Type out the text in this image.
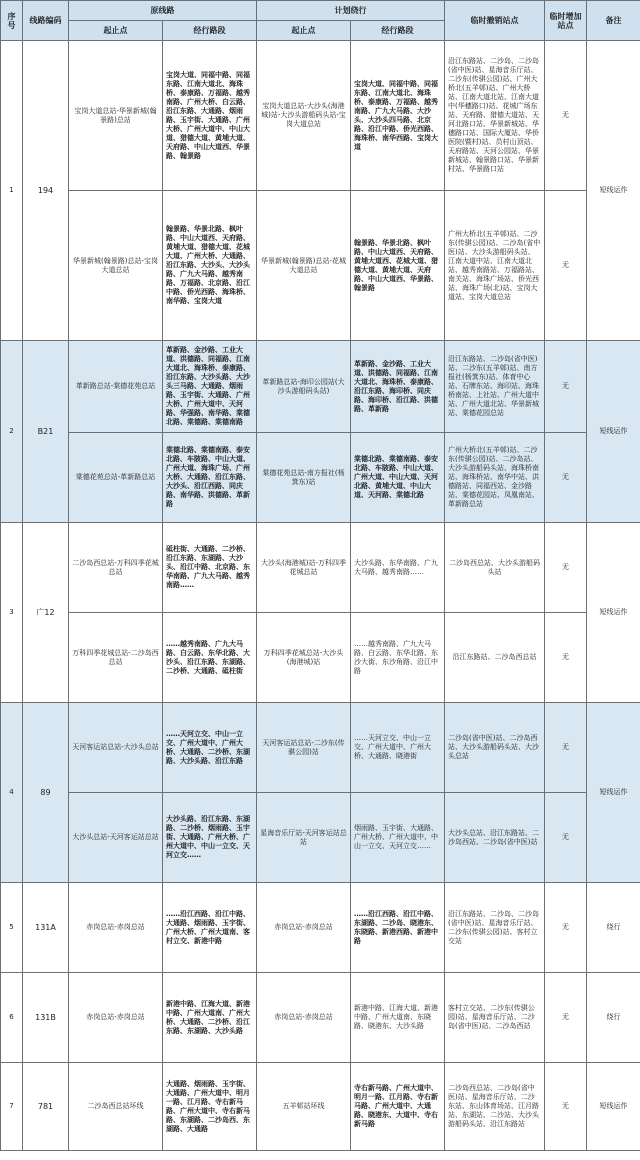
序号	线路编码	原线路		计划绕行		临时撤销站点	临时增加站点	备注
		起止点	经行路段	起止点	经行路段			
1	194	宝岗大道总站-华景新城(翰景路)总站	宝岗大道、同福中路、同福东路、江南大道北、海珠桥、泰康路、万福路、越秀南路、广州大桥、白云路、沿江东路、大通路、烟雨路、玉宇街、大通路、广州大桥、广州大道中、中山大道、猎德大道、黄埔大道、天府路、中山大道西、华景路、翰景路	宝岗大道总站-大沙头(海港城)站-大沙头游船码头站-宝岗大道总站	宝岗大道、同福中路、同福东路、江南大道北、海珠桥、泰康路、万福路、越秀南路、广九大马路、大沙头、大沙头四马路、北京路、沿江中路、侨光西路、海珠桥、南华西路、宝岗大道	沿江东路站、二沙岛、二沙岛(省中医)站、星海音乐厅站、二沙东(传骐公园)站、广州大桥北(五羊邨)站、广州大桥站、江南大道北站、江南大道中(华穗路口)站、花城广场东站、天府路、猎德大道站、天河北路口站、华景新城站、华穗路口站、国际大厦站、华侨医院(暨村)站、员村山顶站、天府路站、天河公园站、华景新城站、翰景路口站、华景新村站、华景路口站	无	短线运作
		华景新城(翰景路)总站-宝岗大道总站	翰景路、华景北路、枫叶路、中山大道西、天府路、黄埔大道、猎德大道、花城大道、广州大桥、大通路、沿江东路、大沙头、大沙头路、广九大马路、越秀南路、万福路、北京路、沿江中路、侨光西路、海珠桥、南华路、宝岗大道	华景新城(翰景路)总站-花城大道总站	翰景路、华景北路、枫叶路、中山大道西、天府路、黄埔大道西、花城大道、猎德大道、黄埔大道、天府路、中山大道西、华景路、翰景路	广州大桥北(五羊邨)站、二沙东(传骐公园)站、二沙岛(省中医)站、大沙头游船码头站、江南大道中站、江南大道北站、越秀南路站、万福路站、南关站、海珠广场站、侨光西站、海珠广场(北)站、宝岗大道站、宝岗大道总站	无	
2	B21	革新路总站-棠德花苑总站	革新路、金沙路、工业大道、洪德路、同福路、江南大道北、海珠桥、泰康路、沿江东路、大沙头路、大沙头三马路、大通路、烟雨路、玉宇街、大通路、广州大桥、广州大道中、天河路、华强路、南华路、棠德北路、棠德路、棠德南路	革新路总站-海印公园站(大沙头游船码头站)	革新路、金沙路、工业大道、洪德路、同福路、江南大道北、海珠桥、泰康路、沿江东路、海印桥、同庆路、海印桥、沿江路、洪德路、革新路	沿江东路站、二沙岛(省中医)站、二沙东(五羊邨)站、南方报社(杨箕东)站、体育中心站、石牌东站、海印站、海珠桥南站、上社站、广州大道中站、广州大道北站、华景新城站、棠德花园总站	无	短线运作
		棠德花苑总站-革新路总站	棠德北路、棠德南路、泰安北路、车陂路、中山大道、广州大道、海珠广场、广州大桥、大通路、沿江东路、大沙头、沿江西路、同庆路、南华路、洪德路、革新路	棠德花苑总站-南方报社(杨箕东)站	棠德北路、棠德南路、泰安北路、车陂路、中山大道、广州大道、中山大道、天河北路、黄埔大道、中山大道、天河路、棠德北路	广州大桥北(五羊邨)站、二沙东(传骐公园)站、二沙岛站、大沙头游船码头站、海珠桥南站、海珠桥站、南华中站、洪德路站、同福西站、金沙路站、棠德花园站、凤凰南站、革新路总站	无	
3	广12	二沙岛西总站-万科四季花城总站	砥柱街、大通路、二沙桥、沿江东路、东湖路、大沙头、沿江中路、北京路、东华南路、广九大马路、越秀南路……	大沙头(海港城)站-万科四季花城总站	大沙头路、东华南路、广九大马路、越秀南路……	二沙岛西总站、大沙头游船码头站	无	短线运作
		万科四季花城总站-二沙岛西总站	……越秀南路、广九大马路、白云路、东华北路、大沙头、沿江东路、东湖路、二沙桥、大通路、砥柱街	万科四季花城总站-大沙头(海港城)站	……越秀南路、广九大马路、白云路、东华北路、东沙大街、东沙角路、沿江中路	沿江东路站、二沙岛西总站	无	
4	89	天河客运站总站-大沙头总站	……天河立交、中山一立交、广州大道中、广州大桥、大通路、二沙桥、东湖路、大沙头路、沿江东路	天河客运站总站-二沙东(传骐公园)站	……天河立交、中山一立交、广州大道中、广州大桥、大通路、晓港街	二沙岛(省中医)站、二沙岛西站、大沙头游船码头站、大沙头总站	无	短线运作
		大沙头总站-天河客运站总站	大沙头路、沿江东路、东湖路、二沙桥、烟雨路、玉宇街、大通路、广州大桥、广州大道中、中山一立交、天河立交……	星海音乐厅站-天河客运站总站	烟雨路、玉宇街、大通路、广州大桥、广州大道中、中山一立交、天河立交……	大沙头总站、沿江东路站、二沙岛西站、二沙岛(省中医)站	无	
5	131A	赤岗总站-赤岗总站	……沿江西路、沿江中路、大通路、烟雨路、玉宇街、广州大桥、广州大道南、客村立交、新港中路	赤岗总站-赤岗总站	……沿江西路、沿江中路、东湖路、二沙岛、晓港东、东晓路、新港西路、新港中路	沿江东路站、二沙岛、二沙岛(省中医)站、星海音乐厅站、二沙东(传骐公园)站、客村立交站	无	绕行
6	131B	赤岗总站-赤岗总站	新港中路、江海大道、新港中路、广州大道南、广州大桥、大通路、二沙桥、沿江东路、东湖路、大沙头路	赤岗总站-赤岗总站	新港中路、江海大道、新港中路、广州大道南、东晓路、晓港东、大沙头路	客村立交站、二沙东(传骐公园)站、星海音乐厅站、二沙岛(省中医)站、二沙岛西站	无	绕行
7	781	二沙岛西总站环线	大通路、烟雨路、玉宇街、大通路、广州大道中、明月一路、江月路、寺右新马路、广州大道中、寺右新马路、东湖路、二沙岛西、东湖路、大通路	五羊邨站环线	寺右新马路、广州大道中、明月一路、江月路、寺右新马路、广州大道中、大通路、晓港东、大道中、寺右新马路	二沙岛西总站、二沙岛(省中医)站、星海音乐厅站、二沙东站、东山体育场站、江月路站、东湖站、二沙站、大沙头游船码头站、沿江东路站	无	短线运作
